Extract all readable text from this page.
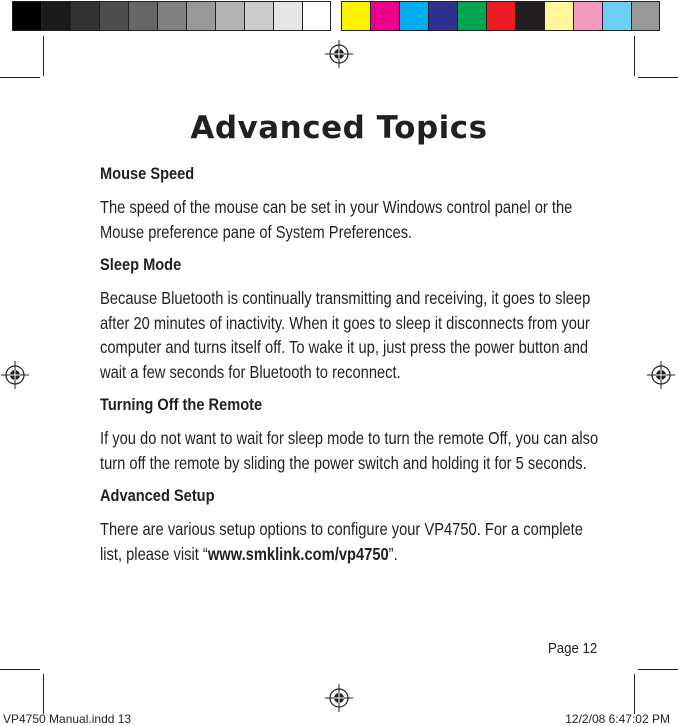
Advanced Topics
Mouse Speed
The speed of the mouse can be set in your Windows control panel or the Mouse preference pane of System Preferences.
Sleep Mode
Because Bluetooth is continually transmitting and receiving, it goes to sleep after 20 minutes of inactivity. When it goes to sleep it disconnects from your computer and turns itself off. To wake it up, just press the power button and wait a few seconds for Bluetooth to reconnect.
Turning Off the Remote
If you do not want to wait for sleep mode to turn the remote Off, you can also turn off the remote by sliding the power switch and holding it for 5 seconds.
Advanced Setup
There are various setup options to configure your VP4750. For a complete list, please visit “www.smklink.com/vp4750”.
Page 12
VP4750 Manual.indd 13	12/2/08 6:47:02 PM
